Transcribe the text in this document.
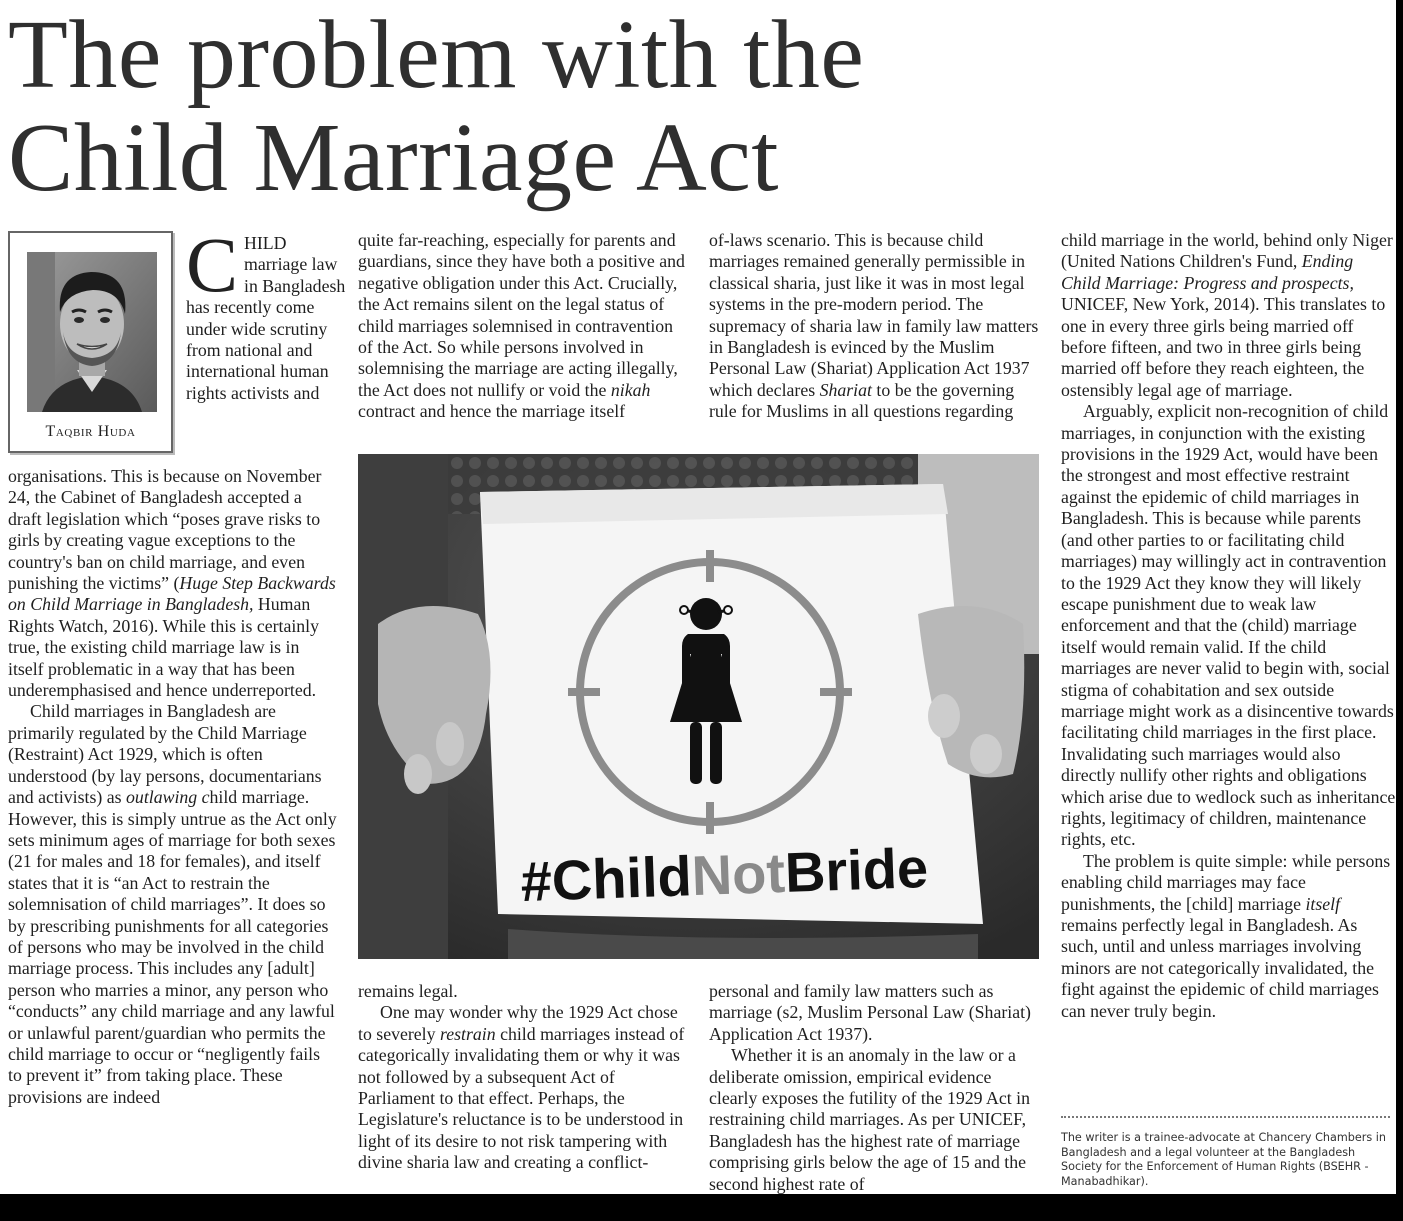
The problem with the
Child Marriage Act
Taqbir Huda
CHILD marriage law in Bangladesh has recently come under wide scrutiny from national and international human rights activists and

organisations. This is because on November 24, the Cabinet of Bangladesh accepted a draft legislation which “poses grave risks to girls by creating vague exceptions to the country's ban on child marriage, and even punishing the victims” (Huge Step Backwards on Child Marriage in Bangladesh, Human Rights Watch, 2016). While this is certainly true, the existing child marriage law is in itself problematic in a way that has been underemphasised and hence underreported.

Child marriages in Bangladesh are primarily regulated by the Child Marriage (Restraint) Act 1929, which is often understood (by lay persons, documentarians and activists) as outlawing child marriage. However, this is simply untrue as the Act only sets minimum ages of marriage for both sexes (21 for males and 18 for females), and itself states that it is “an Act to restrain the solemnisation of child marriages”. It does so by prescribing punishments for all categories of persons who may be involved in the child marriage process. This includes any [adult] person who marries a minor, any person who “conducts” any child marriage and any lawful or unlawful parent/guardian who permits the child marriage to occur or “negligently fails to prevent it” from taking place. These provisions are indeed

quite far-reaching, especially for parents and guardians, since they have both a positive and negative obligation under this Act. Crucially, the Act remains silent on the legal status of child marriages solemnised in contravention of the Act. So while persons involved in solemnising the marriage are acting illegally, the Act does not nullify or void the nikah contract and hence the marriage itself

of-laws scenario. This is because child marriages remained generally permissible in classical sharia, just like it was in most legal systems in the pre-modern period. The supremacy of sharia law in family law matters in Bangladesh is evinced by the Muslim Personal Law (Shariat) Application Act 1937 which declares Shariat to be the governing rule for Muslims in all questions regarding

#ChildNotBride

remains legal.

One may wonder why the 1929 Act chose to severely restrain child marriages instead of categorically invalidating them or why it was not followed by a subsequent Act of Parliament to that effect. Perhaps, the Legislature's reluctance is to be understood in light of its desire to not risk tampering with divine sharia law and creating a conflict-

personal and family law matters such as marriage (s2, Muslim Personal Law (Shariat) Application Act 1937).

Whether it is an anomaly in the law or a deliberate omission, empirical evidence clearly exposes the futility of the 1929 Act in restraining child marriages. As per UNICEF, Bangladesh has the highest rate of marriage comprising girls below the age of 15 and the second highest rate of

child marriage in the world, behind only Niger (United Nations Children's Fund, Ending Child Marriage: Progress and prospects, UNICEF, New York, 2014). This translates to one in every three girls being married off before fifteen, and two in three girls being married off before they reach eighteen, the ostensibly legal age of marriage.

Arguably, explicit non-recognition of child marriages, in conjunction with the existing provisions in the 1929 Act, would have been the strongest and most effective restraint against the epidemic of child marriages in Bangladesh. This is because while parents (and other parties to or facilitating child marriages) may willingly act in contravention to the 1929 Act they know they will likely escape punishment due to weak law enforcement and that the (child) marriage itself would remain valid. If the child marriages are never valid to begin with, social stigma of cohabitation and sex outside marriage might work as a disincentive towards facilitating child marriages in the first place. Invalidating such marriages would also directly nullify other rights and obligations which arise due to wedlock such as inheritance rights, legitimacy of children, maintenance rights, etc.

The problem is quite simple: while persons enabling child marriages may face punishments, the [child] marriage itself remains perfectly legal in Bangladesh. As such, until and unless marriages involving minors are not categorically invalidated, the fight against the epidemic of child marriages can never truly begin.

The writer is a trainee-advocate at Chancery Chambers in Bangladesh and a legal volunteer at the Bangladesh Society for the Enforcement of Human Rights (BSEHR - Manabadhikar).
